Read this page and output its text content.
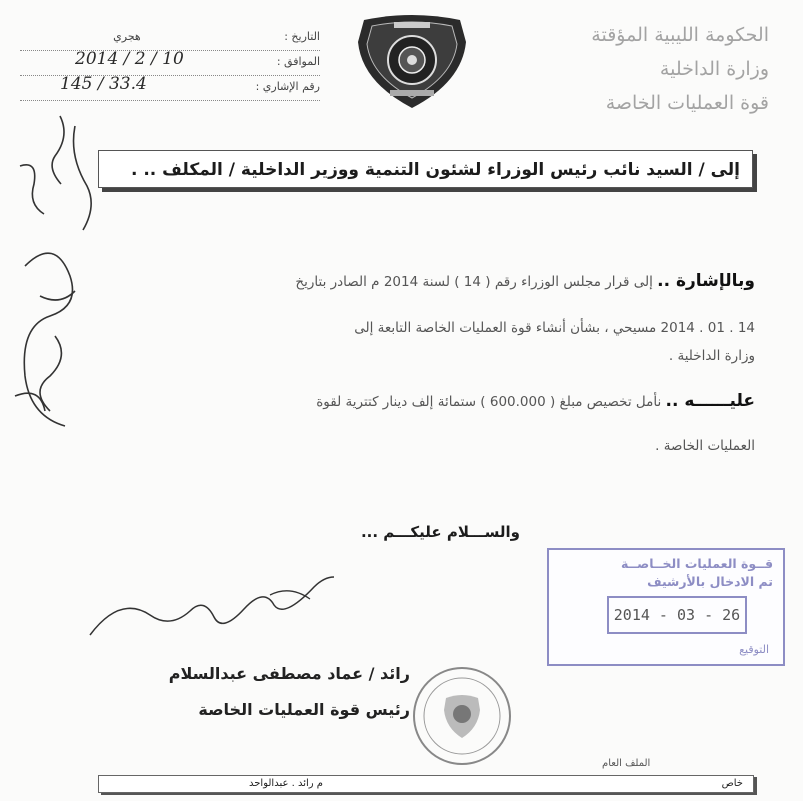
الحكومة الليبية المؤقتة
وزارة الداخلية
قوة العمليات الخاصة
التاريخ : هجري
الموافق :
2014 / 2 / 10
رقم الإشاري :
145 / 33.4
إلى / السيد نائب رئيس الوزراء لشئون التنمية ووزير الداخلية / المكلف .. .
وبالإشارة .. إلى قرار مجلس الوزراء رقم ( 14 ) لسنة 2014 م الصادر بتاريخ
14 . 01 . 2014 مسيحي ، بشأن أنشاء قوة العمليات الخاصة التابعة إلى
وزارة الداخلية .
عليــــــه .. نأمل تخصيص مبلغ ( 600.000 ) ستمائة إلف دينار كتترية لقوة
العمليات الخاصة .
والســـلام عليكـــم ...
رائد / عماد مصطفى عبدالسلام
رئيس قوة العمليات الخاصة
قــوة العمليات الخــاصــة
تم الادخال بالأرشيف
2014 - 03 - 26
التوقيع
الملف العام
خاص
م رائد . عبدالواحد
